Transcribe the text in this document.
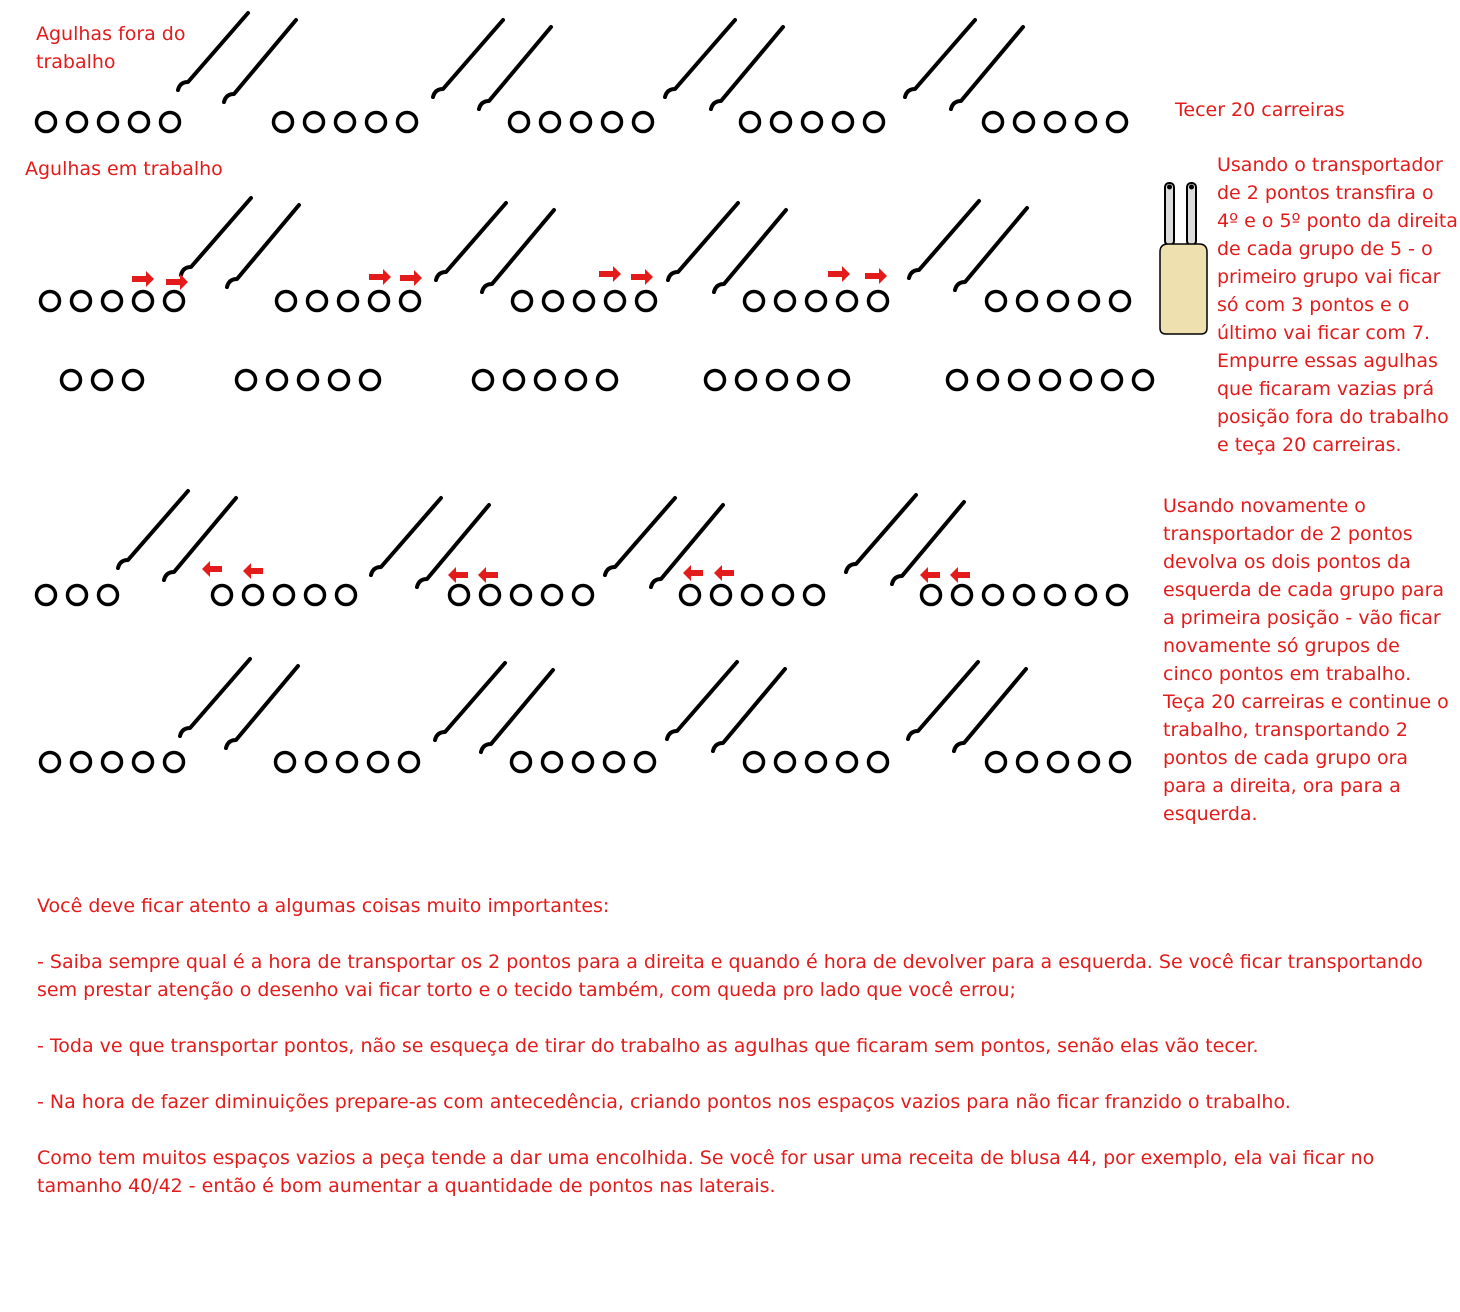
Agulhas fora do
trabalho
Agulhas em trabalho
Tecer 20 carreiras
Usando o transportador de 2 pontos transfira o 4º e o 5º ponto da direita de cada grupo de 5 - o primeiro grupo vai ficar só com 3 pontos e o último vai ficar com 7. Empurre essas agulhas que ficaram vazias prá posição fora do trabalho e teça 20 carreiras.
Usando novamente o transportador de 2 pontos devolva os dois pontos da esquerda de cada grupo para a primeira posição - vão ficar novamente só grupos de cinco pontos em trabalho. Teça 20 carreiras e continue o trabalho, transportando 2 pontos de cada grupo ora para a direita, ora para a esquerda.

Você deve ficar atento a algumas coisas muito importantes:

- Saiba sempre qual é a hora de transportar os 2 pontos para a direita e quando é hora de devolver para a esquerda. Se você ficar transportando sem prestar atenção o desenho vai ficar torto e o tecido também, com queda pro lado que você errou;

- Toda ve que transportar pontos, não se esqueça de tirar do trabalho as agulhas que ficaram sem pontos, senão elas vão tecer.

- Na hora de fazer diminuições prepare-as com antecedência, criando pontos nos espaços vazios para não ficar franzido o trabalho.

Como tem muitos espaços vazios a peça tende a dar uma encolhida. Se você for usar uma receita de blusa 44, por exemplo, ela vai ficar no tamanho 40/42 - então é bom aumentar a quantidade de pontos nas laterais.
